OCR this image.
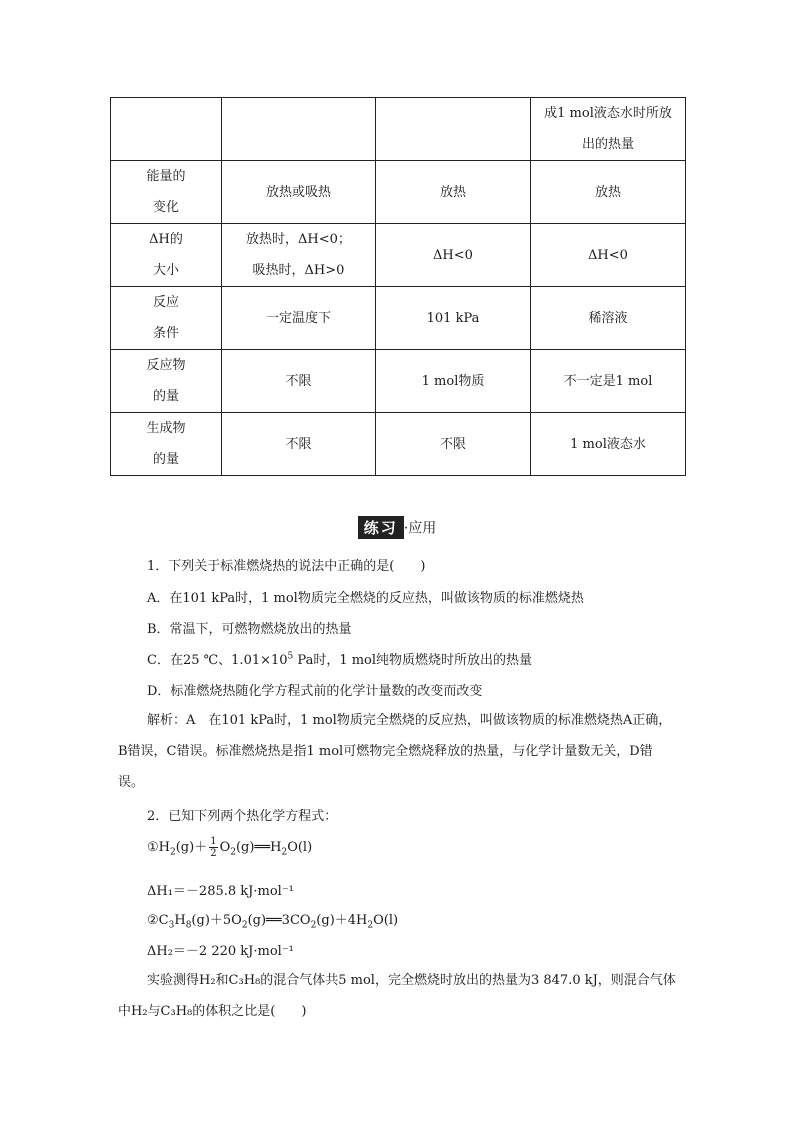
			成1 mol液态水时所放
出的热量
能量的
变化	放热或吸热	放热	放热
ΔH的
大小	放热时，ΔH<0；
吸热时，ΔH>0	ΔH<0	ΔH<0
反应
条件	一定温度下	101 kPa	稀溶液
反应物
的量	不限	1 mol物质	不一定是1 mol
生成物
的量	不限	不限	1 mol液态水
练习 ·应用
1．下列关于标准燃烧热的说法中正确的是(　　)
A．在101 kPa时，1 mol物质完全燃烧的反应热，叫做该物质的标准燃烧热
B．常温下，可燃物燃烧放出的热量
C．在25 ℃、$1.01\times 10^5$ Pa时，1 mol纯物质燃烧时所放出的热量
D．标准燃烧热随化学方程式前的化学计量数的改变而改变
解析：A　在101 kPa时，1 mol物质完全燃烧的反应热，叫做该物质的标准燃烧热A正确，B错误，C错误。标准燃烧热是指1 mol可燃物完全燃烧释放的热量，与化学计量数无关，D错误。
2．已知下列两个热化学方程式：
$①H_2(g)+ \frac{1}{2}$ $O_2(g)══H_2O(l)$
ΔH₁＝－285.8 kJ·mol⁻¹
$②C_3H_8(g)+5O_2(g)══3CO_2(g)+4H_2O(l)$
ΔH₂＝－2 220 kJ·mol⁻¹
实验测得H₂和C₃H₈的混合气体共5 mol，完全燃烧时放出的热量为3 847.0 kJ，则混合气体中H₂与C₃H₈的体积之比是(　　)
